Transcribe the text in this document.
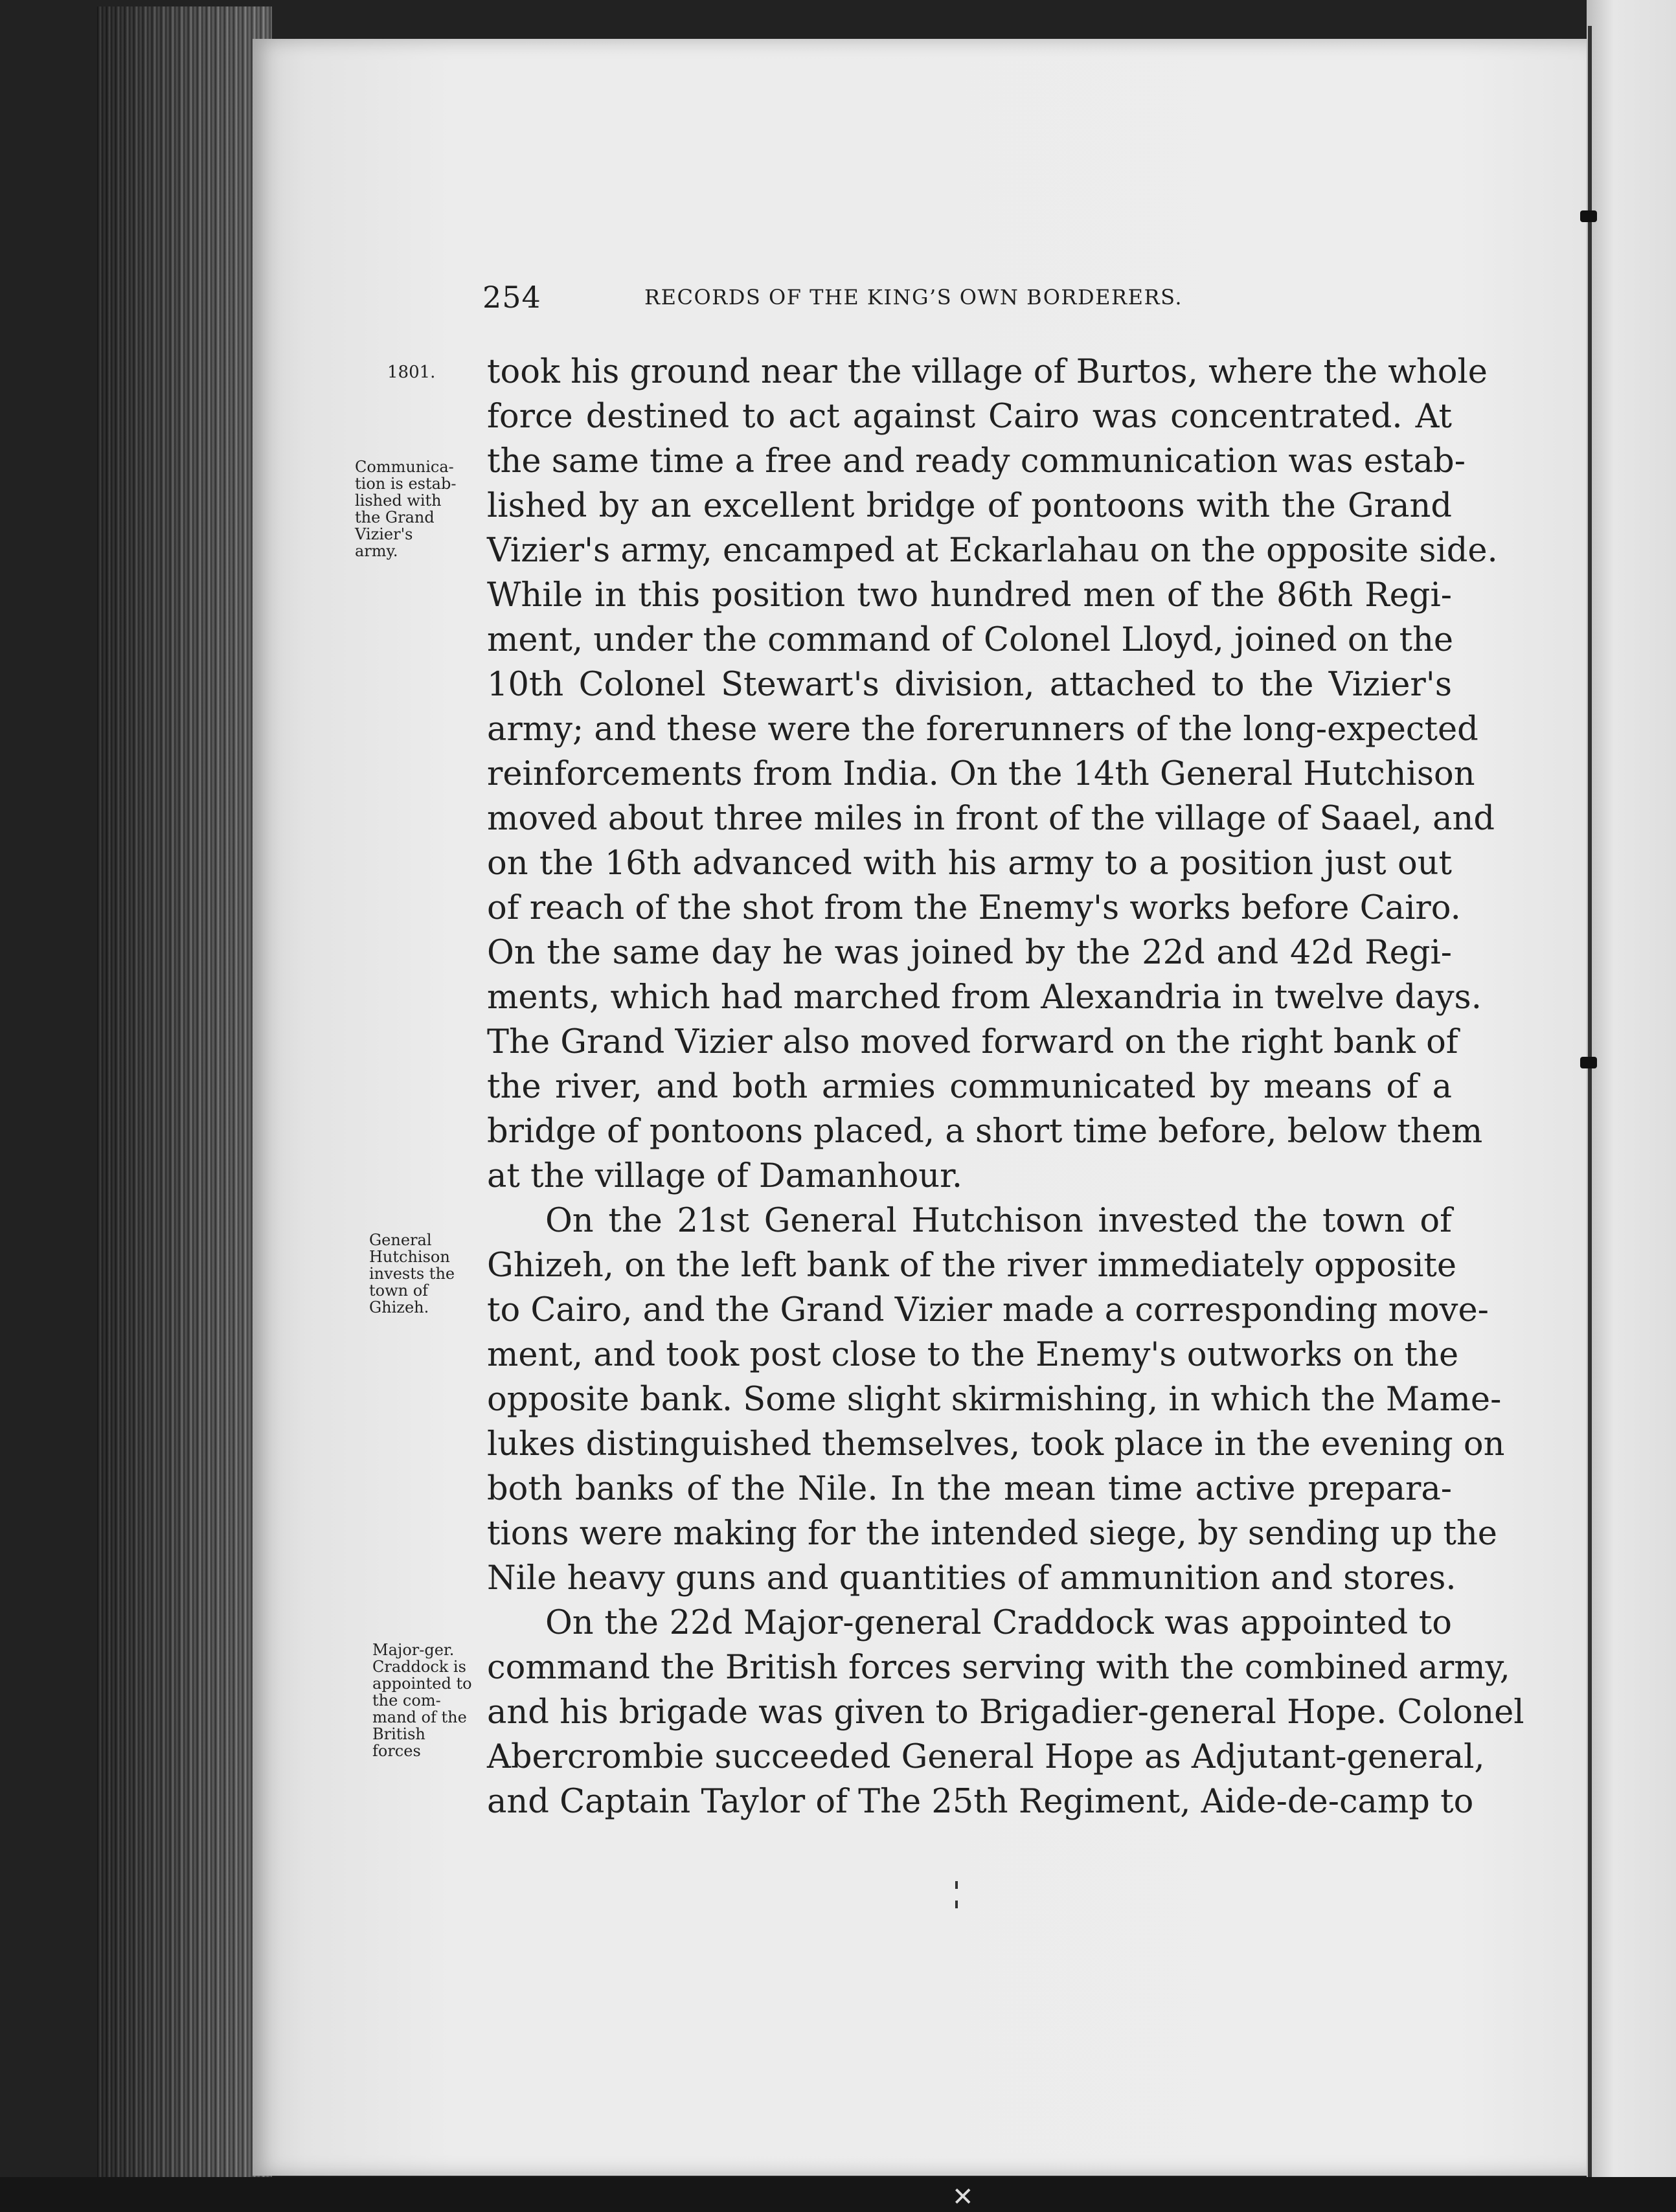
✕
254	RECORDS OF THE KING’S OWN BORDERERS.
1801.
Communica-
tion is estab-
lished with
the Grand
Vizier's
army.
General
Hutchison
invests the
town of
Ghizeh.
Major-ger.
Craddock is
appointed to
the com-
mand of the
British
forces
took his ground near the village of Burtos, where the whole
force destined to act against Cairo was concentrated. At
the same time a free and ready communication was estab-
lished by an excellent bridge of pontoons with the Grand
Vizier's army, encamped at Eckarlahau on the opposite side.
While in this position two hundred men of the 86th Regi-
ment, under the command of Colonel Lloyd, joined on the
10th Colonel Stewart's division, attached to the Vizier's
army; and these were the forerunners of the long-expected
reinforcements from India. On the 14th General Hutchison
moved about three miles in front of the village of Saael, and
on the 16th advanced with his army to a position just out
of reach of the shot from the Enemy's works before Cairo.
On the same day he was joined by the 22d and 42d Regi-
ments, which had marched from Alexandria in twelve days.
The Grand Vizier also moved forward on the right bank of
the river, and both armies communicated by means of a
bridge of pontoons placed, a short time before, below them
at the village of Damanhour.
On the 21st General Hutchison invested the town of
Ghizeh, on the left bank of the river immediately opposite
to Cairo, and the Grand Vizier made a corresponding move-
ment, and took post close to the Enemy's outworks on the
opposite bank. Some slight skirmishing, in which the Mame-
lukes distinguished themselves, took place in the evening on
both banks of the Nile. In the mean time active prepara-
tions were making for the intended siege, by sending up the
Nile heavy guns and quantities of ammunition and stores.
On the 22d Major-general Craddock was appointed to
command the British forces serving with the combined army,
and his brigade was given to Brigadier-general Hope. Colonel
Abercrombie succeeded General Hope as Adjutant-general,
and Captain Taylor of The 25th Regiment, Aide-de-camp to
